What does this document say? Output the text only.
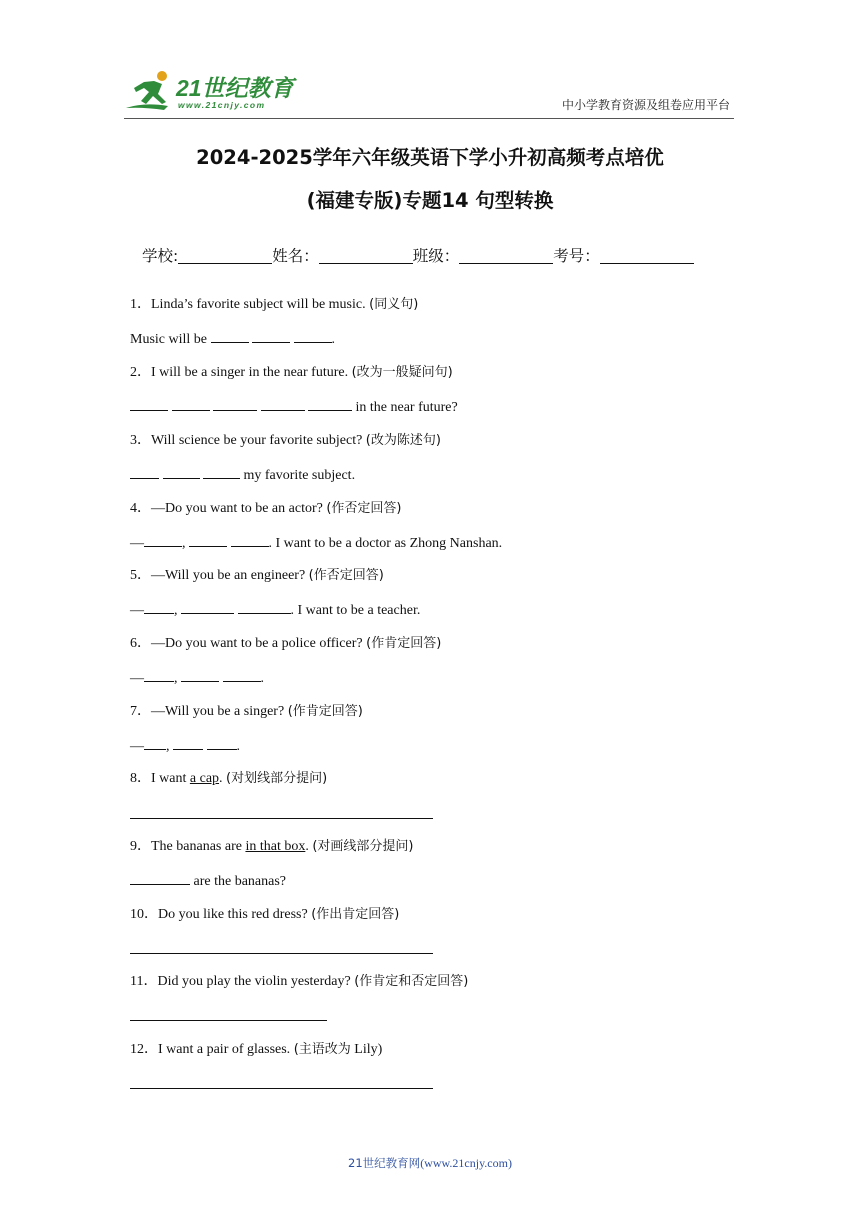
21世纪教育
www.21cnjy.com	中小学教育资源及组卷应用平台
2024-2025学年六年级英语下学小升初高频考点培优
(福建专版)专题14 句型转换
学校:	姓名：	班级：	考号：
1．Linda’s favorite subject will be music. (同义句)
Music will be	.
2．I will be a singer in the near future. (改为一般疑问句)
in the near future?
3．Will science be your favorite subject? (改为陈述句)
my favorite subject.
4．—Do you want to be an actor? (作否定回答)
—	,	. I want to be a doctor as Zhong Nanshan.
5．—Will you be an engineer? (作否定回答)
— ,	. I want to be a teacher.
6．—Do you want to be a police officer? (作肯定回答)
— ,	.
7．—Will you be a singer? (作肯定回答)
— ,	.
8．I want a cap. (对划线部分提问)
9．The bananas are in that box. (对画线部分提问)
are the bananas?
10．Do you like this red dress? (作出肯定回答)
11．Did you play the violin yesterday? (作肯定和否定回答)
12．I want a pair of glasses. (主语改为 Lily)
21世纪教育网(www.21cnjy.com)
